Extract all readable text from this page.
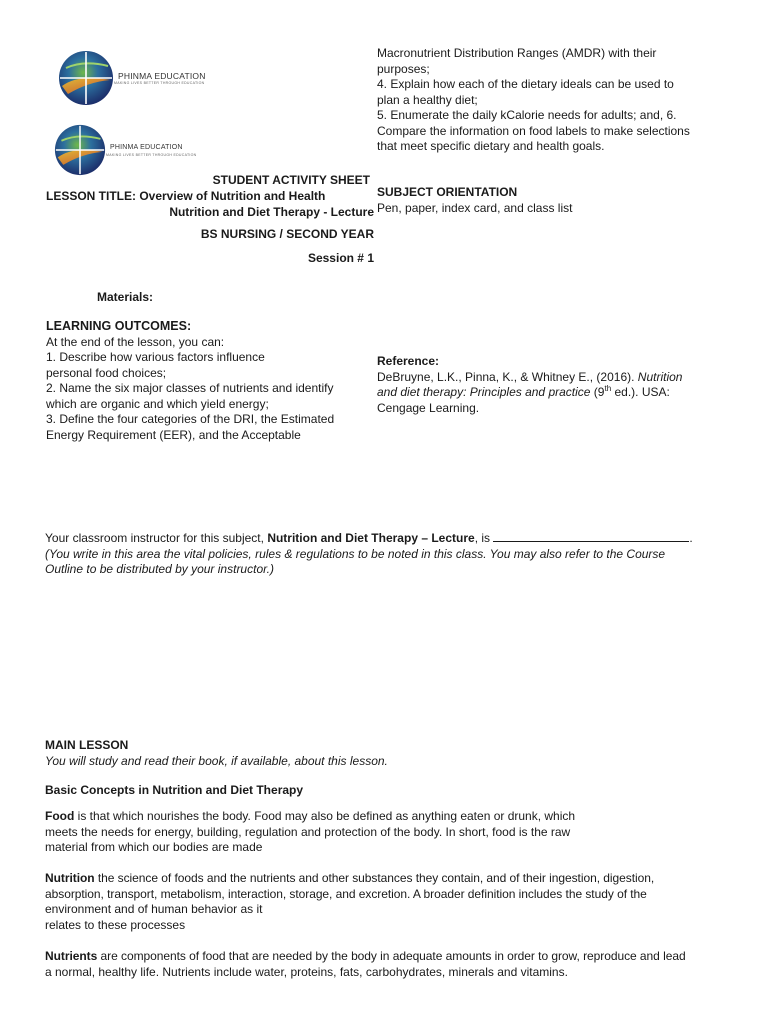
PHINMA EDUCATION
MAKING LIVES BETTER THROUGH EDUCATION
PHINMA EDUCATION
MAKING LIVES BETTER THROUGH EDUCATION
STUDENT ACTIVITY SHEET
LESSON TITLE: Overview of Nutrition and Health
Nutrition and Diet Therapy - Lecture
BS NURSING / SECOND YEAR
Session # 1
Materials:
LEARNING OUTCOMES:
At the end of the lesson, you can:
1. Describe how various factors influence
personal food choices;
2. Name the six major classes of nutrients and identify
which are organic and which yield energy;
3. Define the four categories of the DRI, the Estimated
Energy Requirement (EER), and the Acceptable
Macronutrient Distribution Ranges (AMDR) with their
purposes;
4. Explain how each of the dietary ideals can be used to
plan a healthy diet;
5. Enumerate the daily kCalorie needs for adults; and, 6.
Compare the information on food labels to make selections
that meet specific dietary and health goals.
SUBJECT ORIENTATION
Pen, paper, index card, and class list
Reference:
DeBruyne, L.K., Pinna, K., & Whitney E., (2016). Nutrition
and diet therapy: Principles and practice (9th ed.). USA:
Cengage Learning.
Your classroom instructor for this subject, Nutrition and Diet Therapy – Lecture, is	.
(You write in this area the vital policies, rules & regulations to be noted in this class. You may also refer to the Course
Outline to be distributed by your instructor.)
MAIN LESSON
You will study and read their book, if available, about this lesson.
Basic Concepts in Nutrition and Diet Therapy
Food is that which nourishes the body. Food may also be defined as anything eaten or drunk, which
meets the needs for energy, building, regulation and protection of the body. In short, food is the raw
material from which our bodies are made
Nutrition the science of foods and the nutrients and other substances they contain, and of their ingestion, digestion,
absorption, transport, metabolism, interaction, storage, and excretion. A broader definition includes the study of the
environment and of human behavior as it
relates to these processes
Nutrients are components of food that are needed by the body in adequate amounts in order to grow, reproduce and lead
a normal, healthy life. Nutrients include water, proteins, fats, carbohydrates, minerals and vitamins.
